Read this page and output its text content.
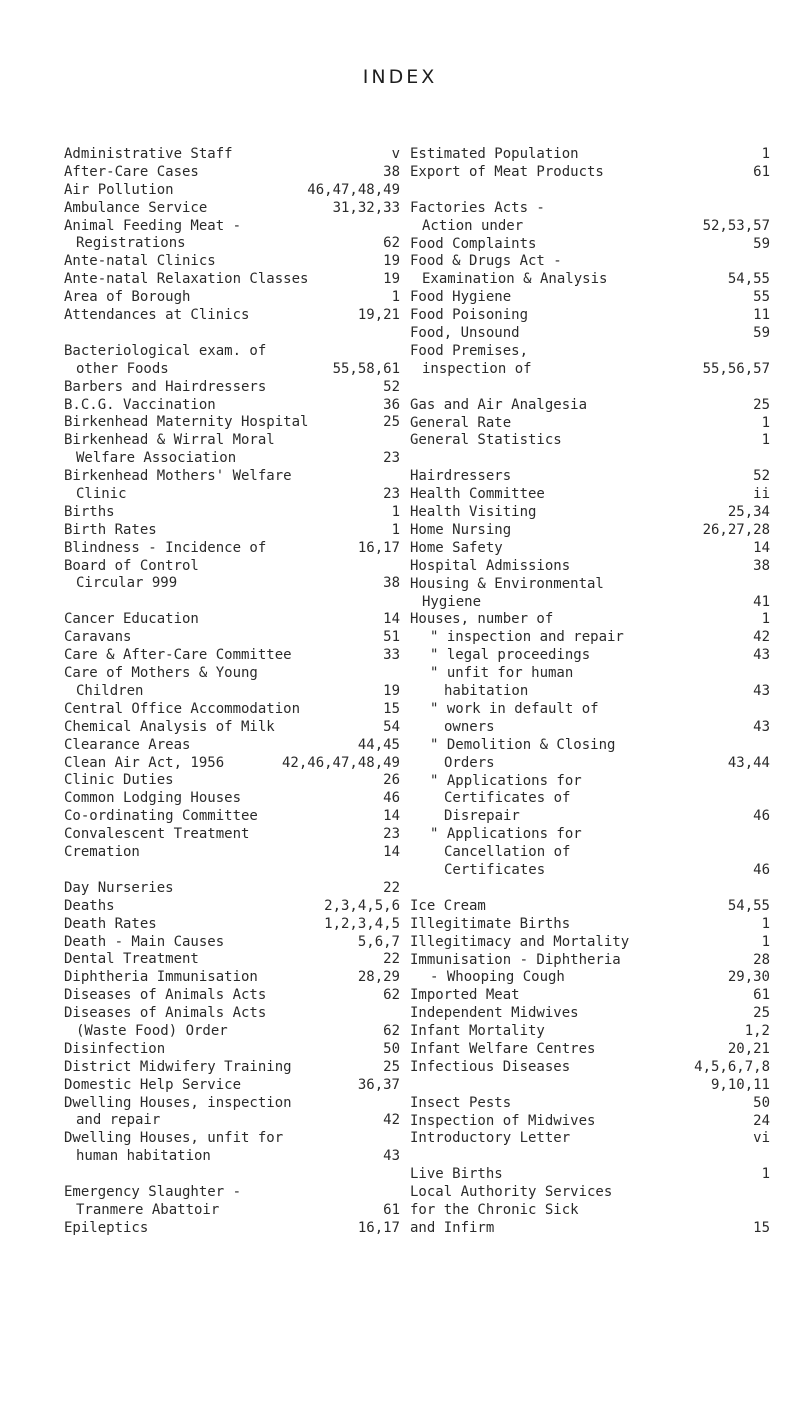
INDEX
Administrative Staff	v
After-Care Cases	38
Air Pollution	46,47,48,49
Ambulance Service	31,32,33
Animal Feeding Meat -
Registrations	62
Ante-natal Clinics	19
Ante-natal Relaxation Classes	19
Area of Borough	1
Attendances at Clinics	19,21
Bacteriological exam. of
other Foods	55,58,61
Barbers and Hairdressers	52
B.C.G. Vaccination	36
Birkenhead Maternity Hospital	25
Birkenhead & Wirral Moral
Welfare Association	23
Birkenhead Mothers' Welfare
Clinic	23
Births	1
Birth Rates	1
Blindness - Incidence of	16,17
Board of Control
Circular 999	38
Cancer Education	14
Caravans	51
Care & After-Care Committee	33
Care of Mothers & Young
Children	19
Central Office Accommodation	15
Chemical Analysis of Milk	54
Clearance Areas	44,45
Clean Air Act, 1956	42,46,47,48,49
Clinic Duties	26
Common Lodging Houses	46
Co-ordinating Committee	14
Convalescent Treatment	23
Cremation	14
Day Nurseries	22
Deaths	2,3,4,5,6
Death Rates	1,2,3,4,5
Death - Main Causes	5,6,7
Dental Treatment	22
Diphtheria Immunisation	28,29
Diseases of Animals Acts	62
Diseases of Animals Acts
(Waste Food) Order	62
Disinfection	50
District Midwifery Training	25
Domestic Help Service	36,37
Dwelling Houses, inspection
and repair	42
Dwelling Houses, unfit for
human habitation	43
Emergency Slaughter -
Tranmere Abattoir	61
Epileptics	16,17
Estimated Population	1
Export of Meat Products	61
Factories Acts -
Action under	52,53,57
Food Complaints	59
Food & Drugs Act -
Examination & Analysis	54,55
Food Hygiene	55
Food Poisoning	11
Food, Unsound	59
Food Premises,
inspection of	55,56,57
Gas and Air Analgesia	25
General Rate	1
General Statistics	1
Hairdressers	52
Health Committee	ii
Health Visiting	25,34
Home Nursing	26,27,28
Home Safety	14
Hospital Admissions	38
Housing & Environmental
Hygiene	41
Houses, number of	1
" inspection and repair	42
" legal proceedings	43
" unfit for human
habitation	43
" work in default of
owners	43
" Demolition & Closing
Orders	43,44
" Applications for
Certificates of
Disrepair	46
" Applications for
Cancellation of
Certificates	46
Ice Cream	54,55
Illegitimate Births	1
Illegitimacy and Mortality	1
Immunisation - Diphtheria	28
- Whooping Cough	29,30
Imported Meat	61
Independent Midwives	25
Infant Mortality	1,2
Infant Welfare Centres	20,21
Infectious Diseases	4,5,6,7,8
9,10,11
Insect Pests	50
Inspection of Midwives	24
Introductory Letter	vi
Live Births	1
Local Authority Services
for the Chronic Sick
and Infirm	15
